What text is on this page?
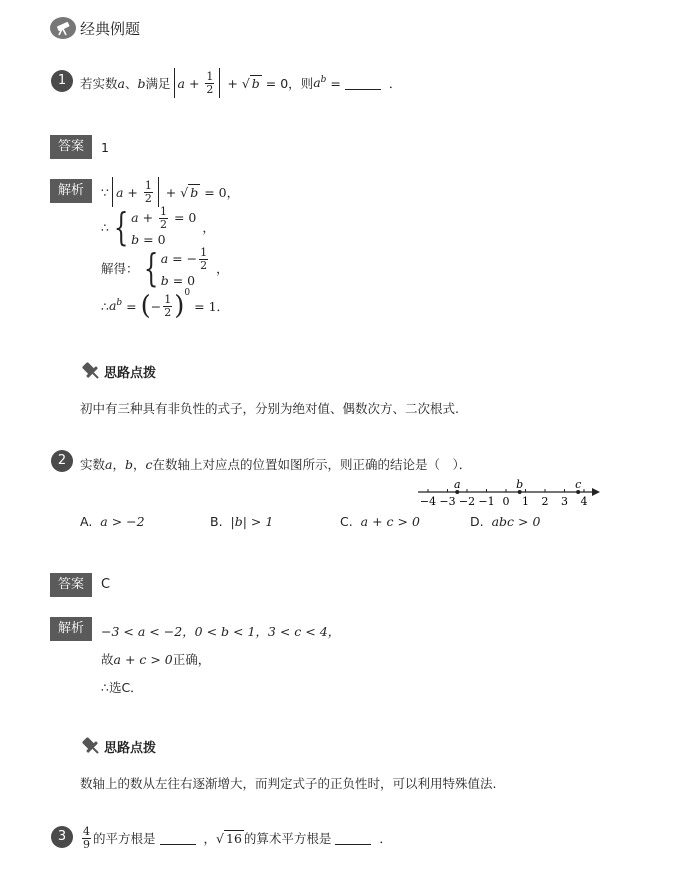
经典例题
1	若实数 a 、 b 满足 $a + \frac{1}{2}$ + √ b
= 0，则 $a^b$ =	．
答案	1
解析	∵ $a + \frac{1}{2}$ + √ b = 0，
∴ { $a + \frac{1}{2} = 0$
b = 0
，
解得： { a = − $\frac{1}{2}$
b = 0
，
∴ $a^b$ = ( − $\frac{1}{2} )^0$
= 1．
思路点拨
初中有三种具有非负性的式子，分别为绝对值、偶数次方、二次根式.
2	实数 a ， b ， c 在数轴上对应点的位置如图所示，则正确的结论是（　）．
−4 −3 −2 −1 0 1 2 3 4
a	b	c
A. a > −2	B. |b| > 1	C. a + c > 0	D. abc > 0
答案	C
解析	−3 < a < −2，0 < b < 1，3 < c < 4，
故 a + c > 0 正确，
∴选C．
思路点拨
数轴上的数从左往右逐渐增大，而判定式子的正负性时，可以利用特殊值法.
3	$\frac{4}{9}$ 的平方根是	， √ 16 的算术平方根是	．
